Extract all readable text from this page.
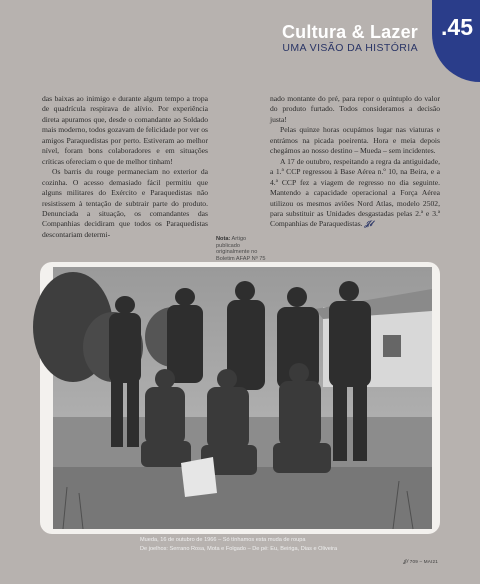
.45
Cultura & Lazer
UMA VISÃO DA HISTÓRIA

das baixas ao inimigo e durante algum tempo a tropa de quadrícula respirava de alívio. Por experiência direta apuramos que, desde o comandante ao Soldado mais moderno, todos gozavam de felicidade por ver os amigos Paraquedistas por perto. Estiveram ao melhor nível, foram bons colaboradores e em situações críticas ofereciam o que de melhor tinham!

Os barris du rouge permaneciam no exterior da cozinha. O acesso demasiado fácil permitiu que alguns militares do Exército e Paraquedistas não resistissem à tentação de subtrair parte do produto. Denunciada a situação, os comandantes das Companhias decidiram que todos os Paraquedistas descontariam determi-

Nota: Artigo publicado originalmente no Boletim AFAP Nº 75

nado montante do pré, para repor o quíntuplo do valor do produto furtado. Todos consideramos a decisão justa!

Pelas quinze horas ocupámos lugar nas viaturas e entrámos na picada poeirenta. Hora e meia depois chegámos ao nosso destino – Mueda – sem incidentes.

A 17 de outubro, respeitando a regra da antiguidade, a 1.ª CCP regressou à Base Aérea n.º 10, na Beira, e a 4.ª CCP fez a viagem de regresso no dia seguinte. Mantendo a capacidade operacional a Força Aérea utilizou os mesmos aviões Nord Atlas, modelo 2502, para substituir as Unidades desgastadas pelas 2.ª e 3.ª Companhias de Paraquedistas. 𝒥𝓁

Mueda, 16 de outubro de 1966 – Só tínhamos esta muda de roupa
De joelhos: Serrano Rosa, Mota e Folgado – De pé: Eu, Beiriga, Dias e Oliveira
𝒥𝓁 709 – MAI21
